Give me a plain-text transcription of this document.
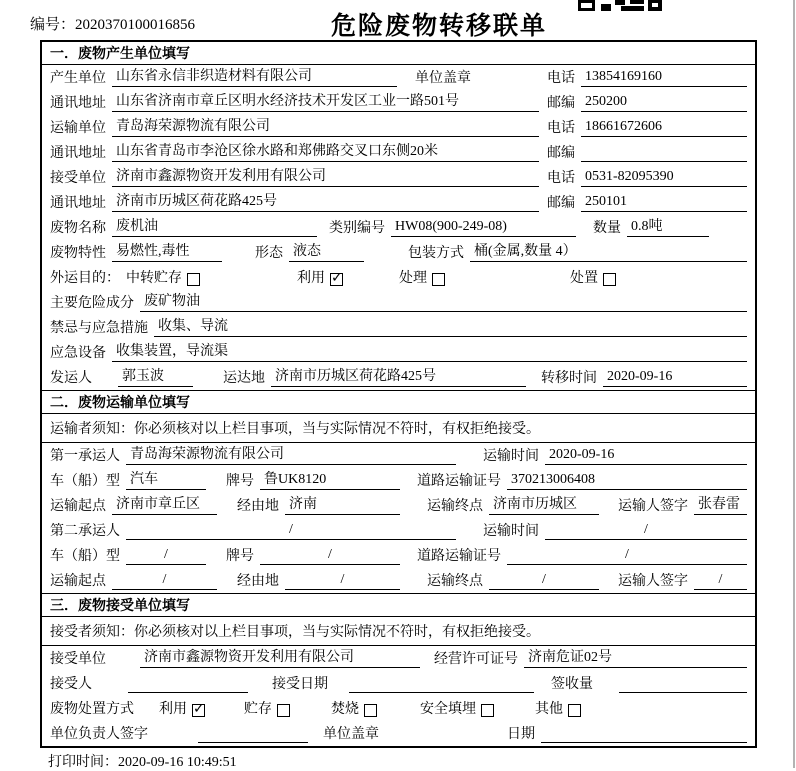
编号：2020370100016856	危险废物转移联单
一．废物产生单位填写
产生单位 山东省永信非织造材料有限公司	单位盖章	电话 13854169160
通讯地址 山东省济南市章丘区明水经济技术开发区工业一路501号	邮编 250200
运输单位 青岛海荣源物流有限公司	电话 18661672606
通讯地址 山东省青岛市李沧区徐水路和郑佛路交叉口东侧20米	邮编
接受单位 济南市鑫源物资开发利用有限公司	电话 0531-82095390
通讯地址 济南市历城区荷花路425号	邮编 250101
废物名称 废机油	类别编号 HW08(900-249-08)	数量 0.8吨
废物特性 易燃性,毒性	形态 液态	包装方式 桶(金属,数量 4）
外运目的： 中转贮存	利用 ✓	处理	处置
主要危险成分 废矿物油
禁忌与应急措施 收集、导流
应急设备 收集装置，导流渠
发运人	郭玉波	运达地 济南市历城区荷花路425号	转移时间 2020-09-16
二．废物运输单位填写
运输者须知：你必须核对以上栏目事项，当与实际情况不符时，有权拒绝接受。
第一承运人 青岛海荣源物流有限公司	运输时间 2020-09-16
车（船）型 汽车	牌号 鲁UK8120	道路运输证号 370213006408
运输起点 济南市章丘区	经由地 济南	运输终点 济南市历城区	运输人签字 张春雷
第二承运人	/	运输时间	/
车（船）型	/	牌号	/	道路运输证号	/
运输起点	/	经由地	/	运输终点	/	运输人签字	/
三．废物接受单位填写
接受者须知：你必须核对以上栏目事项，当与实际情况不符时，有权拒绝接受。
接受单位	济南市鑫源物资开发利用有限公司	经营许可证号 济南危证02号
接受人	接受日期	签收量
废物处置方式	利用 ✓	贮存	焚烧	安全填埋	其他
单位负责人签字	单位盖章	日期
打印时间：2020-09-16 10:49:51
